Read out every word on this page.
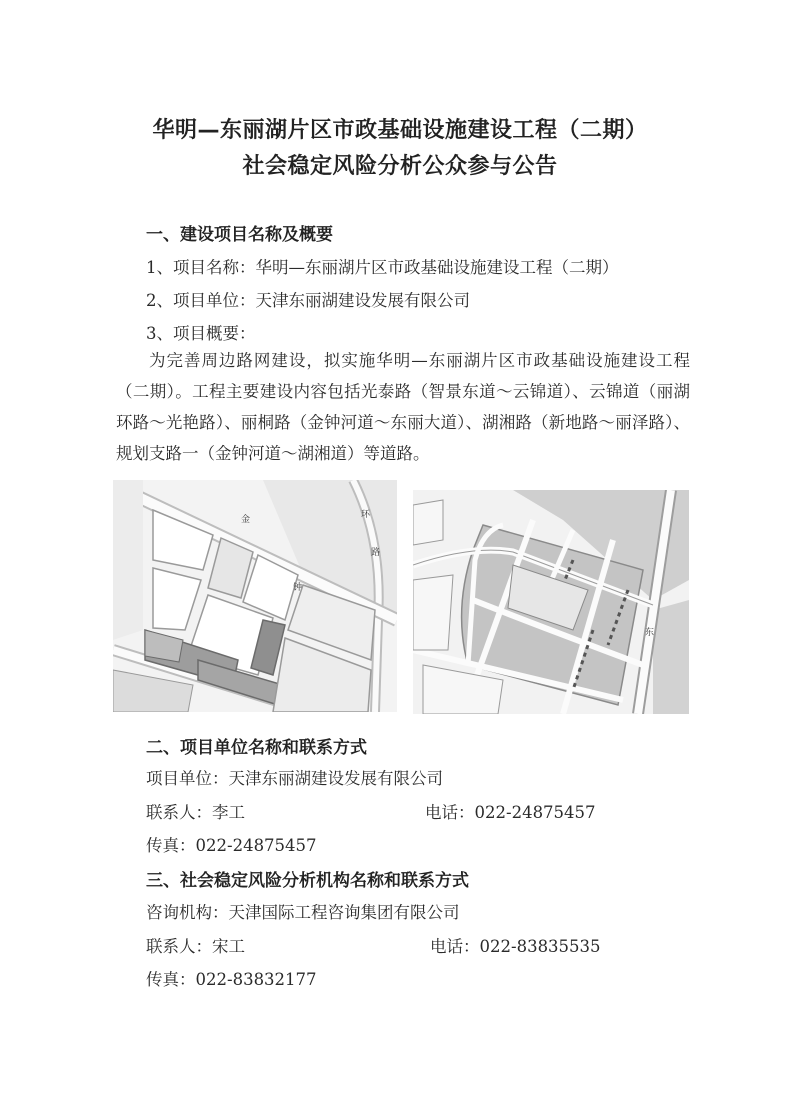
华明—东丽湖片区市政基础设施建设工程（二期）
社会稳定风险分析公众参与公告
一、建设项目名称及概要
1、项目名称：华明—东丽湖片区市政基础设施建设工程（二期）
2、项目单位：天津东丽湖建设发展有限公司
3、项目概要：
为完善周边路网建设，拟实施华明—东丽湖片区市政基础设施建设工程（二期）。工程主要建设内容包括光泰路（智景东道～云锦道）、云锦道（丽湖环路～光艳路）、丽桐路（金钟河道～东丽大道）、湖湘路（新地路～丽泽路）、规划支路一（金钟河道～湖湘道）等道路。
金
钟
环
路
东
二、项目单位名称和联系方式
项目单位：天津东丽湖建设发展有限公司
联系人：李工	电话：022-24875457
传真：022-24875457
三、社会稳定风险分析机构名称和联系方式
咨询机构：天津国际工程咨询集团有限公司
联系人：宋工	电话：022-83835535
传真：022-83832177
